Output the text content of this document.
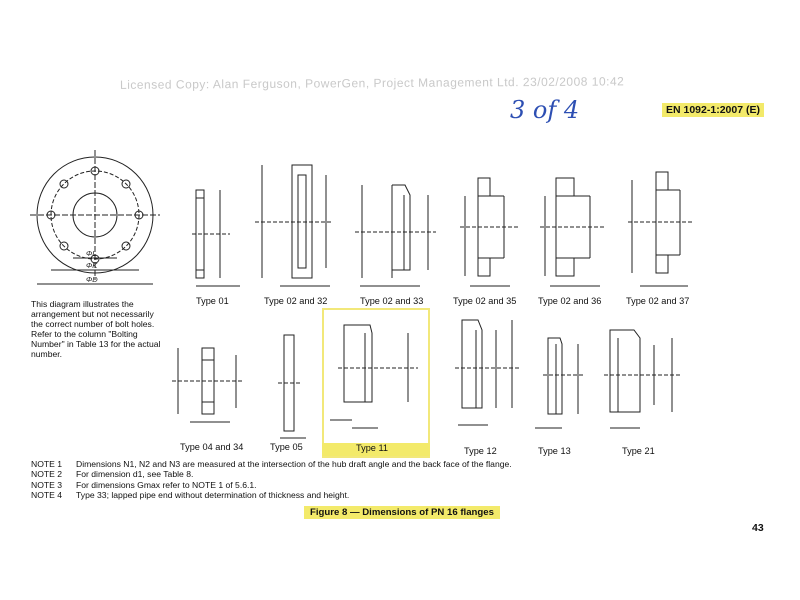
Licensed Copy: Alan Ferguson, PowerGen, Project Management Ltd. 23/02/2008 10:42
3 of 4	EN 1092-1:2007 (E)
ΦL
ΦK
ΦD
This diagram illustrates the
arrangement but not necessarily
the correct number of bolt holes.
Refer to the column "Bolting
Number" in Table 13 for the actual
number.
Type 01	Type 02 and 32	Type 02 and 33	Type 02 and 35 Type 02 and 36	Type 02 and 37
Type 04 and 34	Type 05	Type 11	Type 12	Type 13	Type 21
NOTE 1	Dimensions N1, N2 and N3 are measured at the intersection of the hub draft angle and the back face of the flange.
NOTE 2	For dimension d1, see Table 8.
NOTE 3	For dimensions Gmax refer to NOTE 1 of 5.6.1.
NOTE 4	Type 33; lapped pipe end without determination of thickness and height.
Figure 8 — Dimensions of PN 16 flanges
43
